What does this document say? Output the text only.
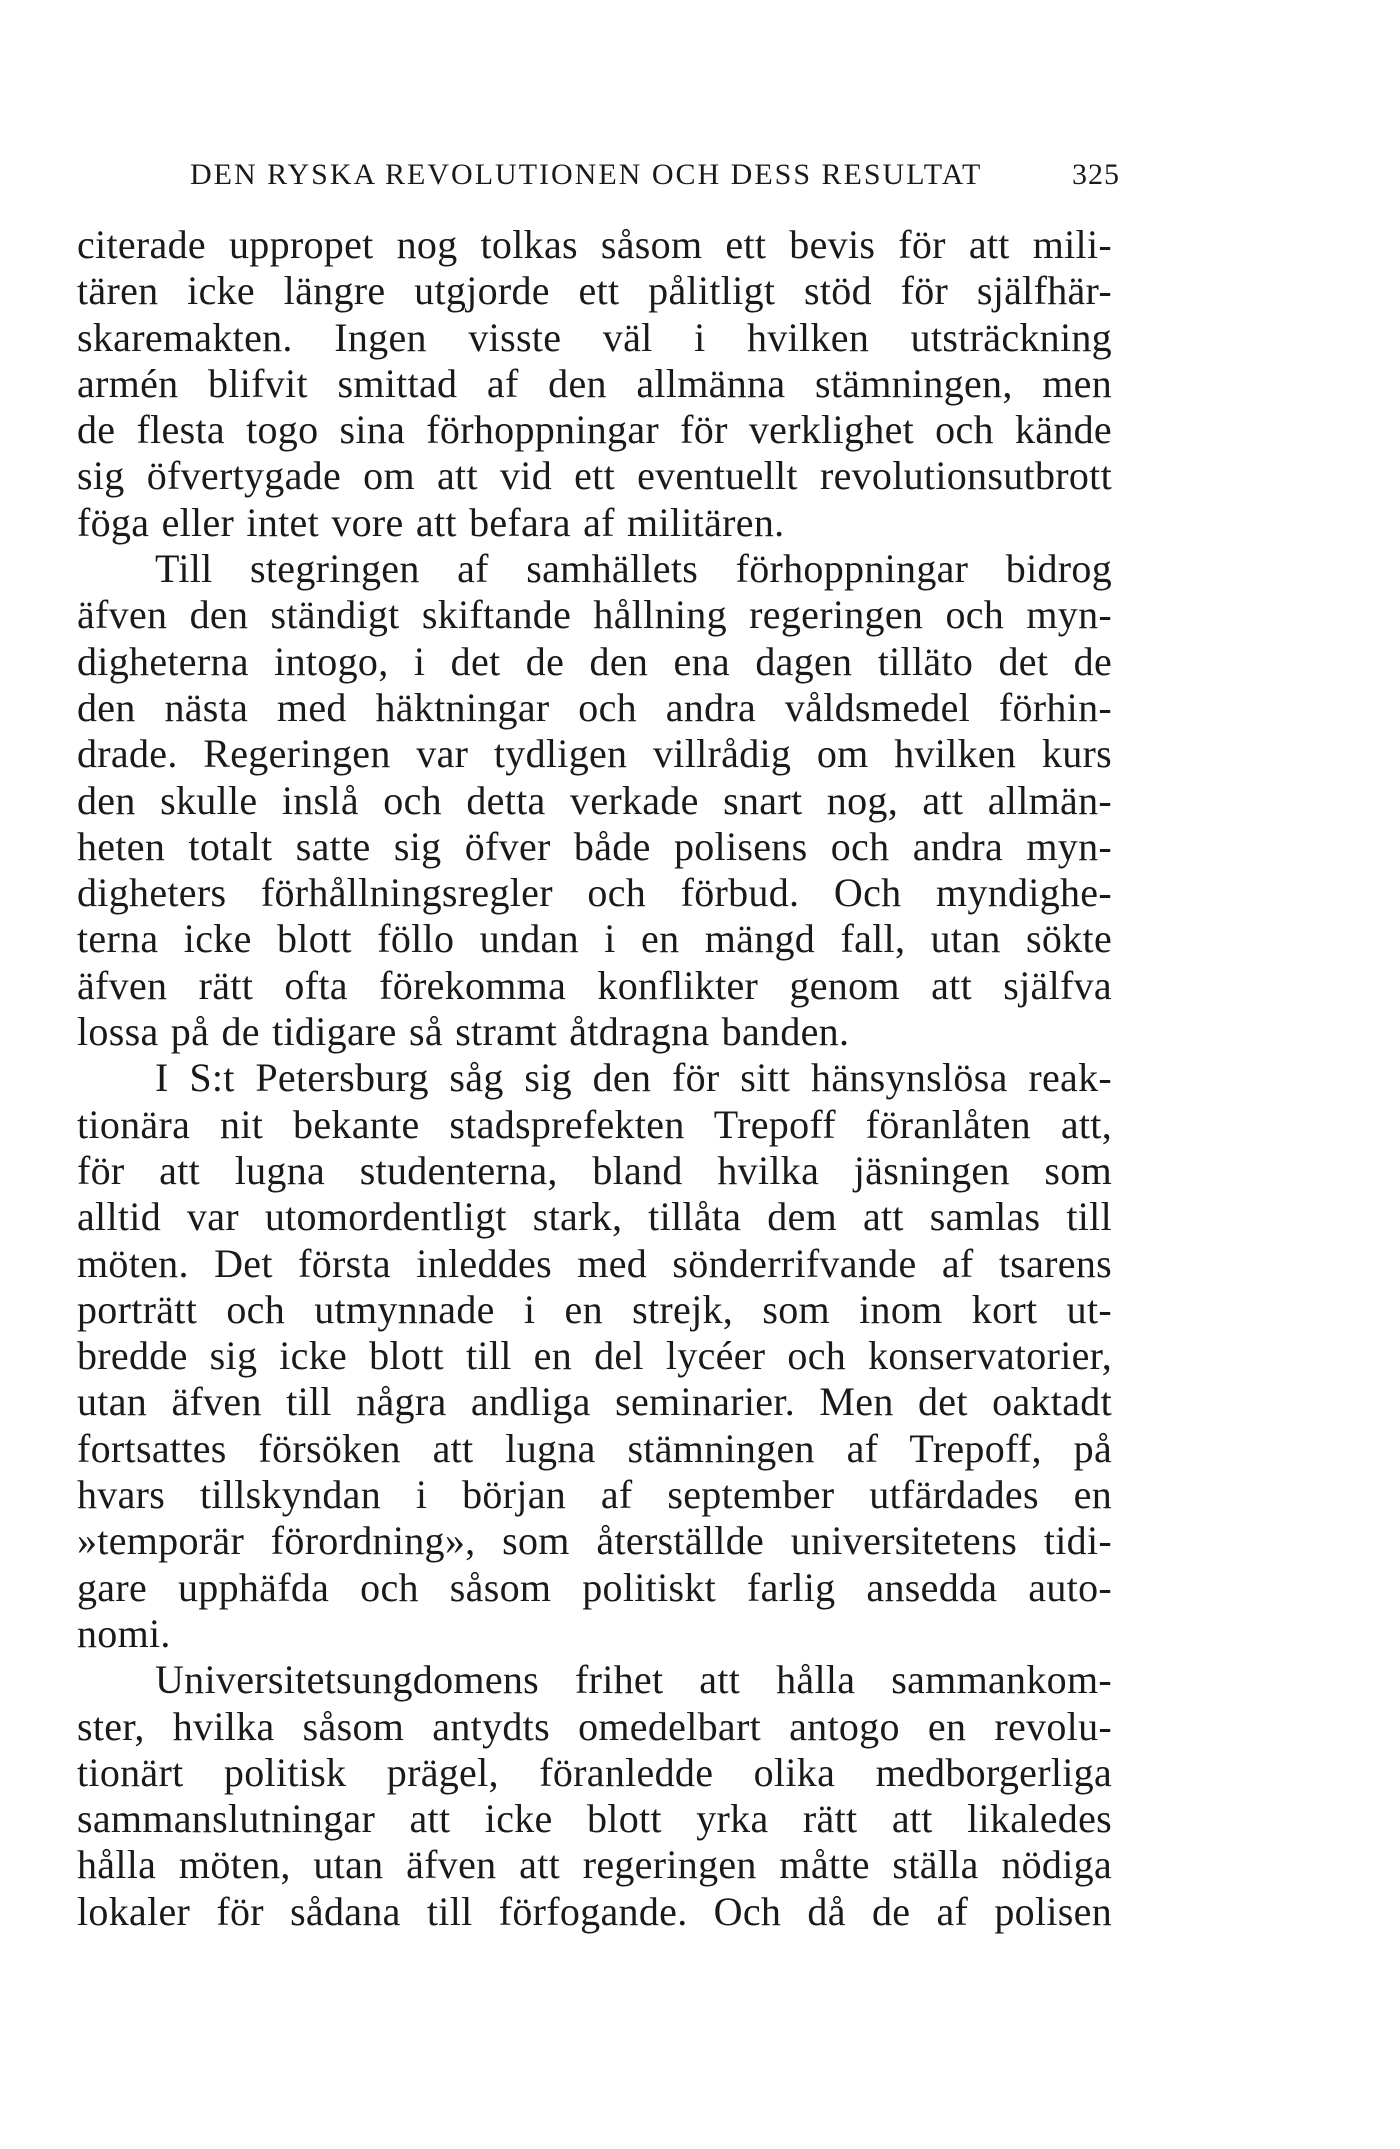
DEN RYSKA REVOLUTIONEN OCH DESS RESULTAT	325
citerade uppropet nog tolkas såsom ett bevis för att mili-
tären icke längre utgjorde ett pålitligt stöd för själfhär-
skaremakten. Ingen visste väl i hvilken utsträckning
armén blifvit smittad af den allmänna stämningen, men
de flesta togo sina förhoppningar för verklighet och kände
sig öfvertygade om att vid ett eventuellt revolutionsutbrott
föga eller intet vore att befara af militären.
Till stegringen af samhällets förhoppningar bidrog
äfven den ständigt skiftande hållning regeringen och myn-
digheterna intogo, i det de den ena dagen tilläto det de
den nästa med häktningar och andra våldsmedel förhin-
drade. Regeringen var tydligen villrådig om hvilken kurs
den skulle inslå och detta verkade snart nog, att allmän-
heten totalt satte sig öfver både polisens och andra myn-
digheters förhållningsregler och förbud. Och myndighe-
terna icke blott föllo undan i en mängd fall, utan sökte
äfven rätt ofta förekomma konflikter genom att själfva
lossa på de tidigare så stramt åtdragna banden.
I S:t Petersburg såg sig den för sitt hänsynslösa reak-
tionära nit bekante stadsprefekten Trepoff föranlåten att,
för att lugna studenterna, bland hvilka jäsningen som
alltid var utomordentligt stark, tillåta dem att samlas till
möten. Det första inleddes med sönderrifvande af tsarens
porträtt och utmynnade i en strejk, som inom kort ut-
bredde sig icke blott till en del lycéer och konservatorier,
utan äfven till några andliga seminarier. Men det oaktadt
fortsattes försöken att lugna stämningen af Trepoff, på
hvars tillskyndan i början af september utfärdades en
»temporär förordning», som återställde universitetens tidi-
gare upphäfda och såsom politiskt farlig ansedda auto-
nomi.
Universitetsungdomens frihet att hålla sammankom-
ster, hvilka såsom antydts omedelbart antogo en revolu-
tionärt politisk prägel, föranledde olika medborgerliga
sammanslutningar att icke blott yrka rätt att likaledes
hålla möten, utan äfven att regeringen måtte ställa nödiga
lokaler för sådana till förfogande. Och då de af polisen
